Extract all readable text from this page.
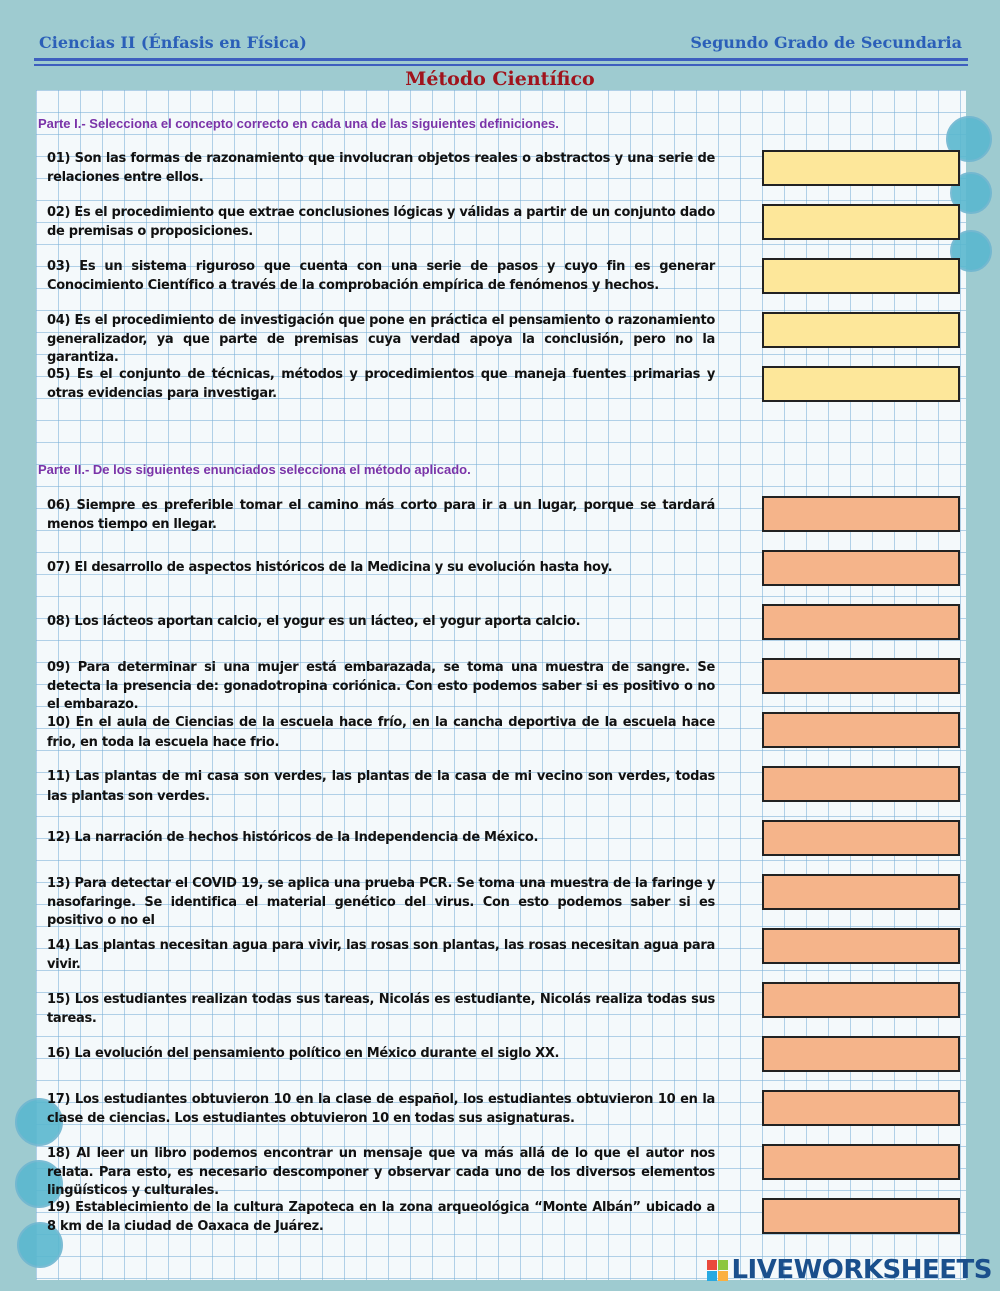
Ciencias II (Énfasis en Física)	Segundo Grado de Secundaria
Método Científico
Parte I.- Selecciona el concepto correcto en cada una de las siguientes definiciones.
01) Son las formas de razonamiento que involucran objetos reales o abstractos y una serie de relaciones entre ellos.
02) Es el procedimiento que extrae conclusiones lógicas y válidas a partir de un conjunto dado de premisas o proposiciones.
03) Es un sistema riguroso que cuenta con una serie de pasos y cuyo fin es generar Conocimiento Científico a través de la comprobación empírica de fenómenos y hechos.
04) Es el procedimiento de investigación que pone en práctica el pensamiento o razonamiento generalizador, ya que parte de premisas cuya verdad apoya la conclusión, pero no la garantiza.
05) Es el conjunto de técnicas, métodos y procedimientos que maneja fuentes primarias y otras evidencias para investigar.
Parte II.- De los siguientes enunciados selecciona el método aplicado.
06) Siempre es preferible tomar el camino más corto para ir a un lugar, porque se tardará menos tiempo en llegar.
07) El desarrollo de aspectos históricos de la Medicina y su evolución hasta hoy.
08) Los lácteos aportan calcio, el yogur es un lácteo, el yogur aporta calcio.
09) Para determinar si una mujer está embarazada, se toma una muestra de sangre. Se detecta la presencia de: gonadotropina coriónica. Con esto podemos saber si es positivo o no el embarazo.
10) En el aula de Ciencias de la escuela hace frío, en la cancha deportiva de la escuela hace frio, en toda la escuela hace frio.
11) Las plantas de mi casa son verdes, las plantas de la casa de mi vecino son verdes, todas las plantas son verdes.
12) La narración de hechos históricos de la Independencia de México.
13) Para detectar el COVID 19, se aplica una prueba PCR. Se toma una muestra de la faringe y nasofaringe. Se identifica el material genético del virus. Con esto podemos saber si es positivo o no el
14) Las plantas necesitan agua para vivir, las rosas son plantas, las rosas necesitan agua para vivir.
15) Los estudiantes realizan todas sus tareas, Nicolás es estudiante, Nicolás realiza todas sus tareas.
16) La evolución del pensamiento político en México durante el siglo XX.
17) Los estudiantes obtuvieron 10 en la clase de español, los estudiantes obtuvieron 10 en la clase de ciencias. Los estudiantes obtuvieron 10 en todas sus asignaturas.
18) Al leer un libro podemos encontrar un mensaje que va más allá de lo que el autor nos relata. Para esto, es necesario descomponer y observar cada uno de los diversos elementos lingüísticos y culturales.
19) Establecimiento de la cultura Zapoteca en la zona arqueológica “Monte Albán” ubicado a 8 km de la ciudad de Oaxaca de Juárez.
LIVEWORKSHEETS
